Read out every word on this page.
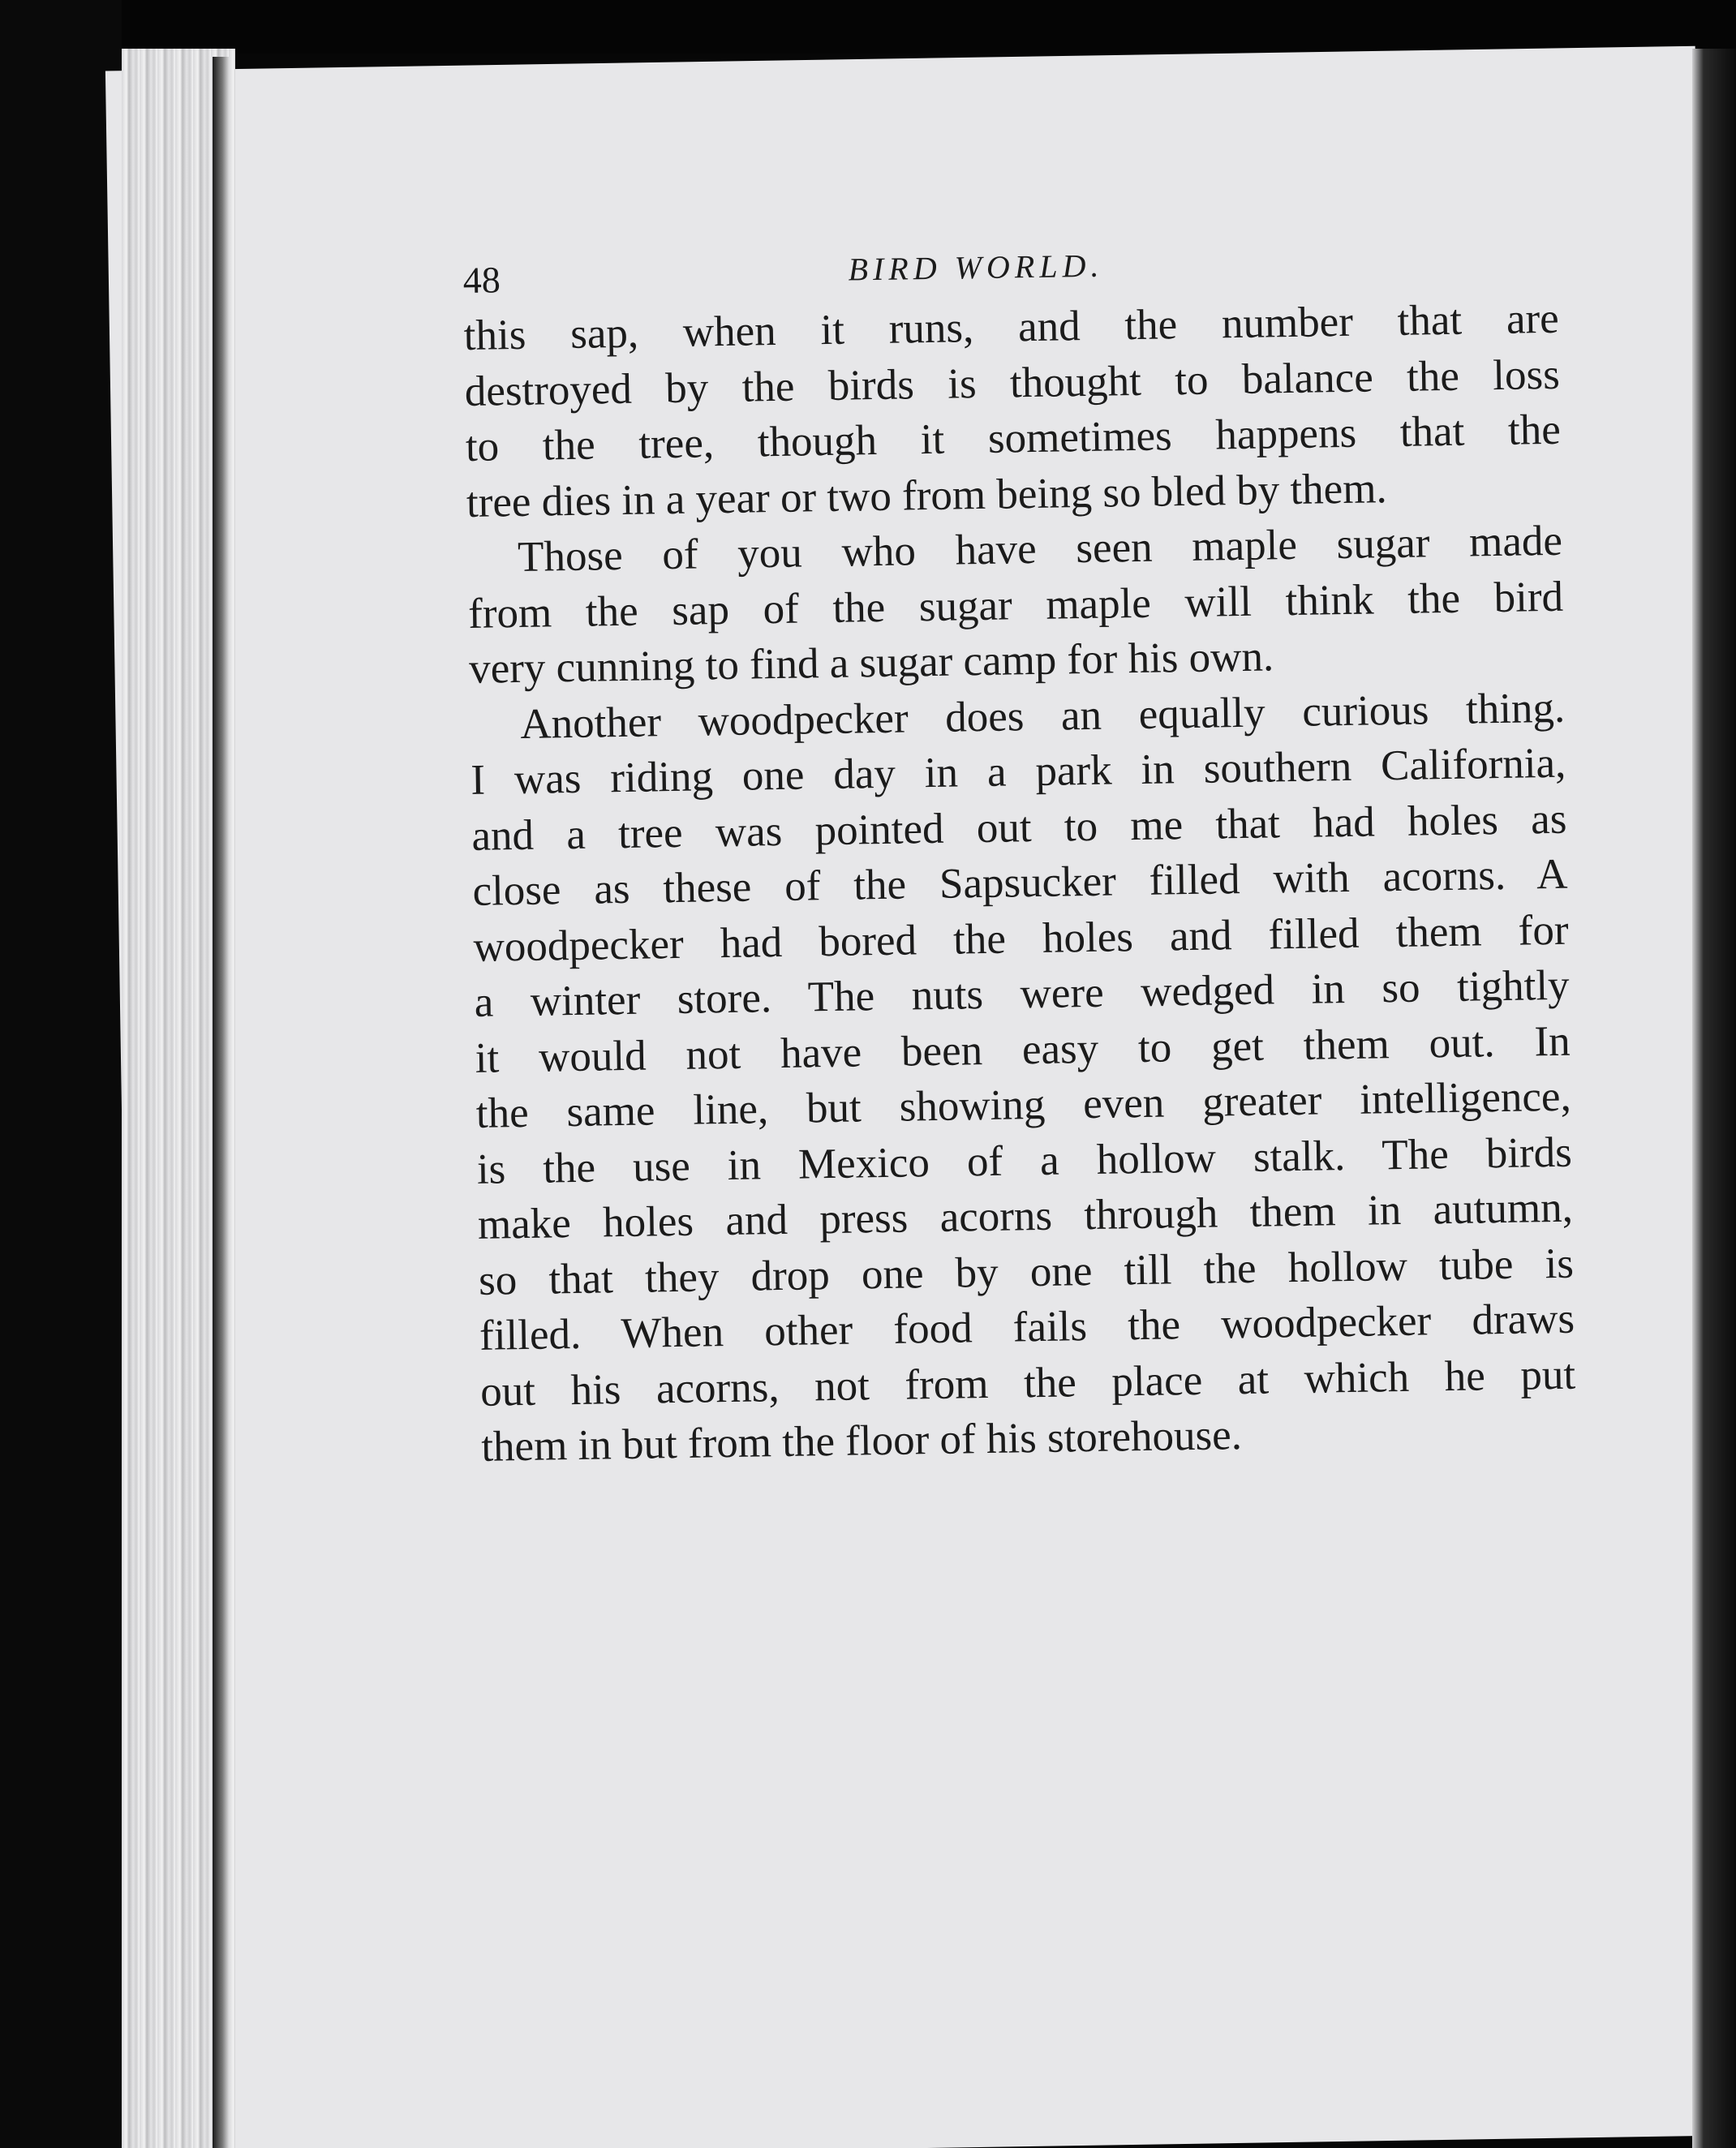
48	BIRD WORLD.

this sap, when it runs, and the number that are
destroyed by the birds is thought to balance the loss
to the tree, though it sometimes happens that the
tree dies in a year or two from being so bled by them.

Those of you who have seen maple sugar made
from the sap of the sugar maple will think the bird
very cunning to find a sugar camp for his own.

Another woodpecker does an equally curious thing.
I was riding one day in a park in southern California,
and a tree was pointed out to me that had holes as
close as these of the Sapsucker filled with acorns. A
woodpecker had bored the holes and filled them for
a winter store. The nuts were wedged in so tightly
it would not have been easy to get them out. In
the same line, but showing even greater intelligence,
is the use in Mexico of a hollow stalk. The birds
make holes and press acorns through them in autumn,
so that they drop one by one till the hollow tube is
filled. When other food fails the woodpecker draws
out his acorns, not from the place at which he put
them in but from the floor of his storehouse.
